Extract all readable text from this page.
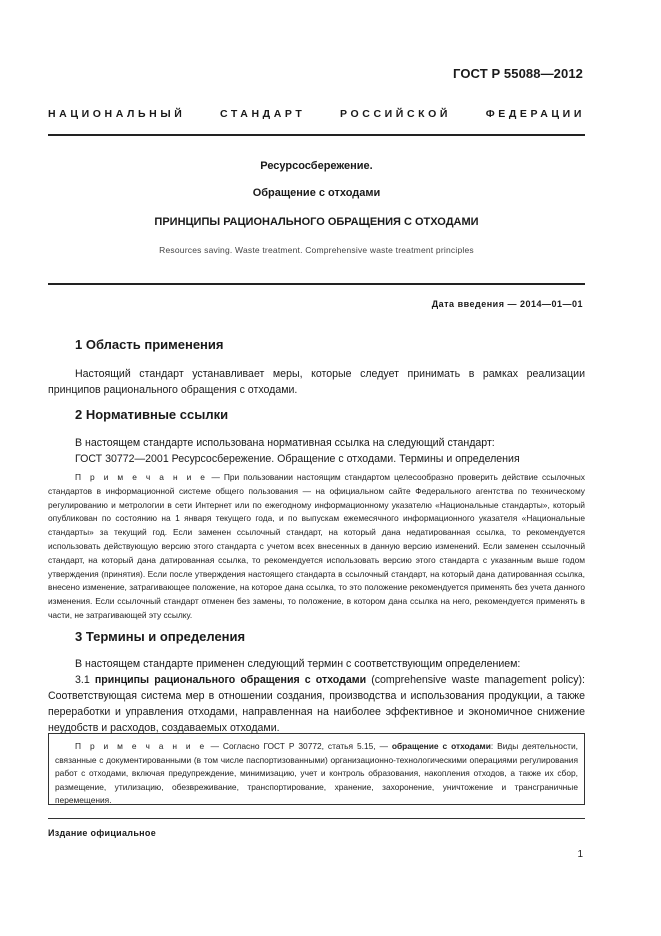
ГОСТ Р 55088—2012
НАЦИОНАЛЬНЫЙ	СТАНДАРТ	РОССИЙСКОЙ	ФЕДЕРАЦИИ
Ресурсосбережение.
Обращение с отходами
ПРИНЦИПЫ РАЦИОНАЛЬНОГО ОБРАЩЕНИЯ С ОТХОДАМИ
Resources saving. Waste treatment. Comprehensive waste treatment principles
Дата введения — 2014—01—01
1 Область применения

Настоящий стандарт устанавливает меры, которые следует принимать в рамках реализации принципов рационального обращения с отходами.

2 Нормативные ссылки

В настоящем стандарте использована нормативная ссылка на следующий стандарт:

ГОСТ 30772—2001 Ресурсосбережение. Обращение с отходами. Термины и определения

П р и м е ч а н и е — При пользовании настоящим стандартом целесообразно проверить действие ссылочных стандартов в информационной системе общего пользования — на официальном сайте Федерального агентства по техническому регулированию и метрологии в сети Интернет или по ежегодному информационному указателю «Национальные стандарты», который опубликован по состоянию на 1 января текущего года, и по выпускам ежемесячного информационного указателя «Национальные стандарты» за текущий год. Если заменен ссылочный стандарт, на который дана недатированная ссылка, то рекомендуется использовать действующую версию этого стандарта с учетом всех внесенных в данную версию изменений. Если заменен ссылочный стандарт, на который дана датированная ссылка, то рекомендуется использовать версию этого стандарта с указанным выше годом утверждения (принятия). Если после утверждения настоящего стандарта в ссылочный стандарт, на который дана датированная ссылка, внесено изменение, затрагивающее положение, на которое дана ссылка, то это положение рекомендуется применять без учета данного изменения. Если ссылочный стандарт отменен без замены, то положение, в котором дана ссылка на него, рекомендуется применять в части, не затрагивающей эту ссылку.

3 Термины и определения

В настоящем стандарте применен следующий термин с соответствующим определением:

3.1 принципы рационального обращения с отходами (comprehensive waste management policy): Соответствующая система мер в отношении создания, производства и использования продукции, а также переработки и управления отходами, направленная на наиболее эффективное и экономичное снижение неудобств и расходов, создаваемых отходами.

П р и м е ч а н и е — Согласно ГОСТ Р 30772, статья 5.15, — обращение с отходами: Виды деятельности, связанные с документированными (в том числе паспортизованными) организационно-технологическими операциями регулирования работ с отходами, включая предупреждение, минимизацию, учет и контроль образования, накопления отходов, а также их сбор, размещение, утилизацию, обезвреживание, транспортирование, хранение, захоронение, уничтожение и трансграничные перемещения.

Издание официальное
1
